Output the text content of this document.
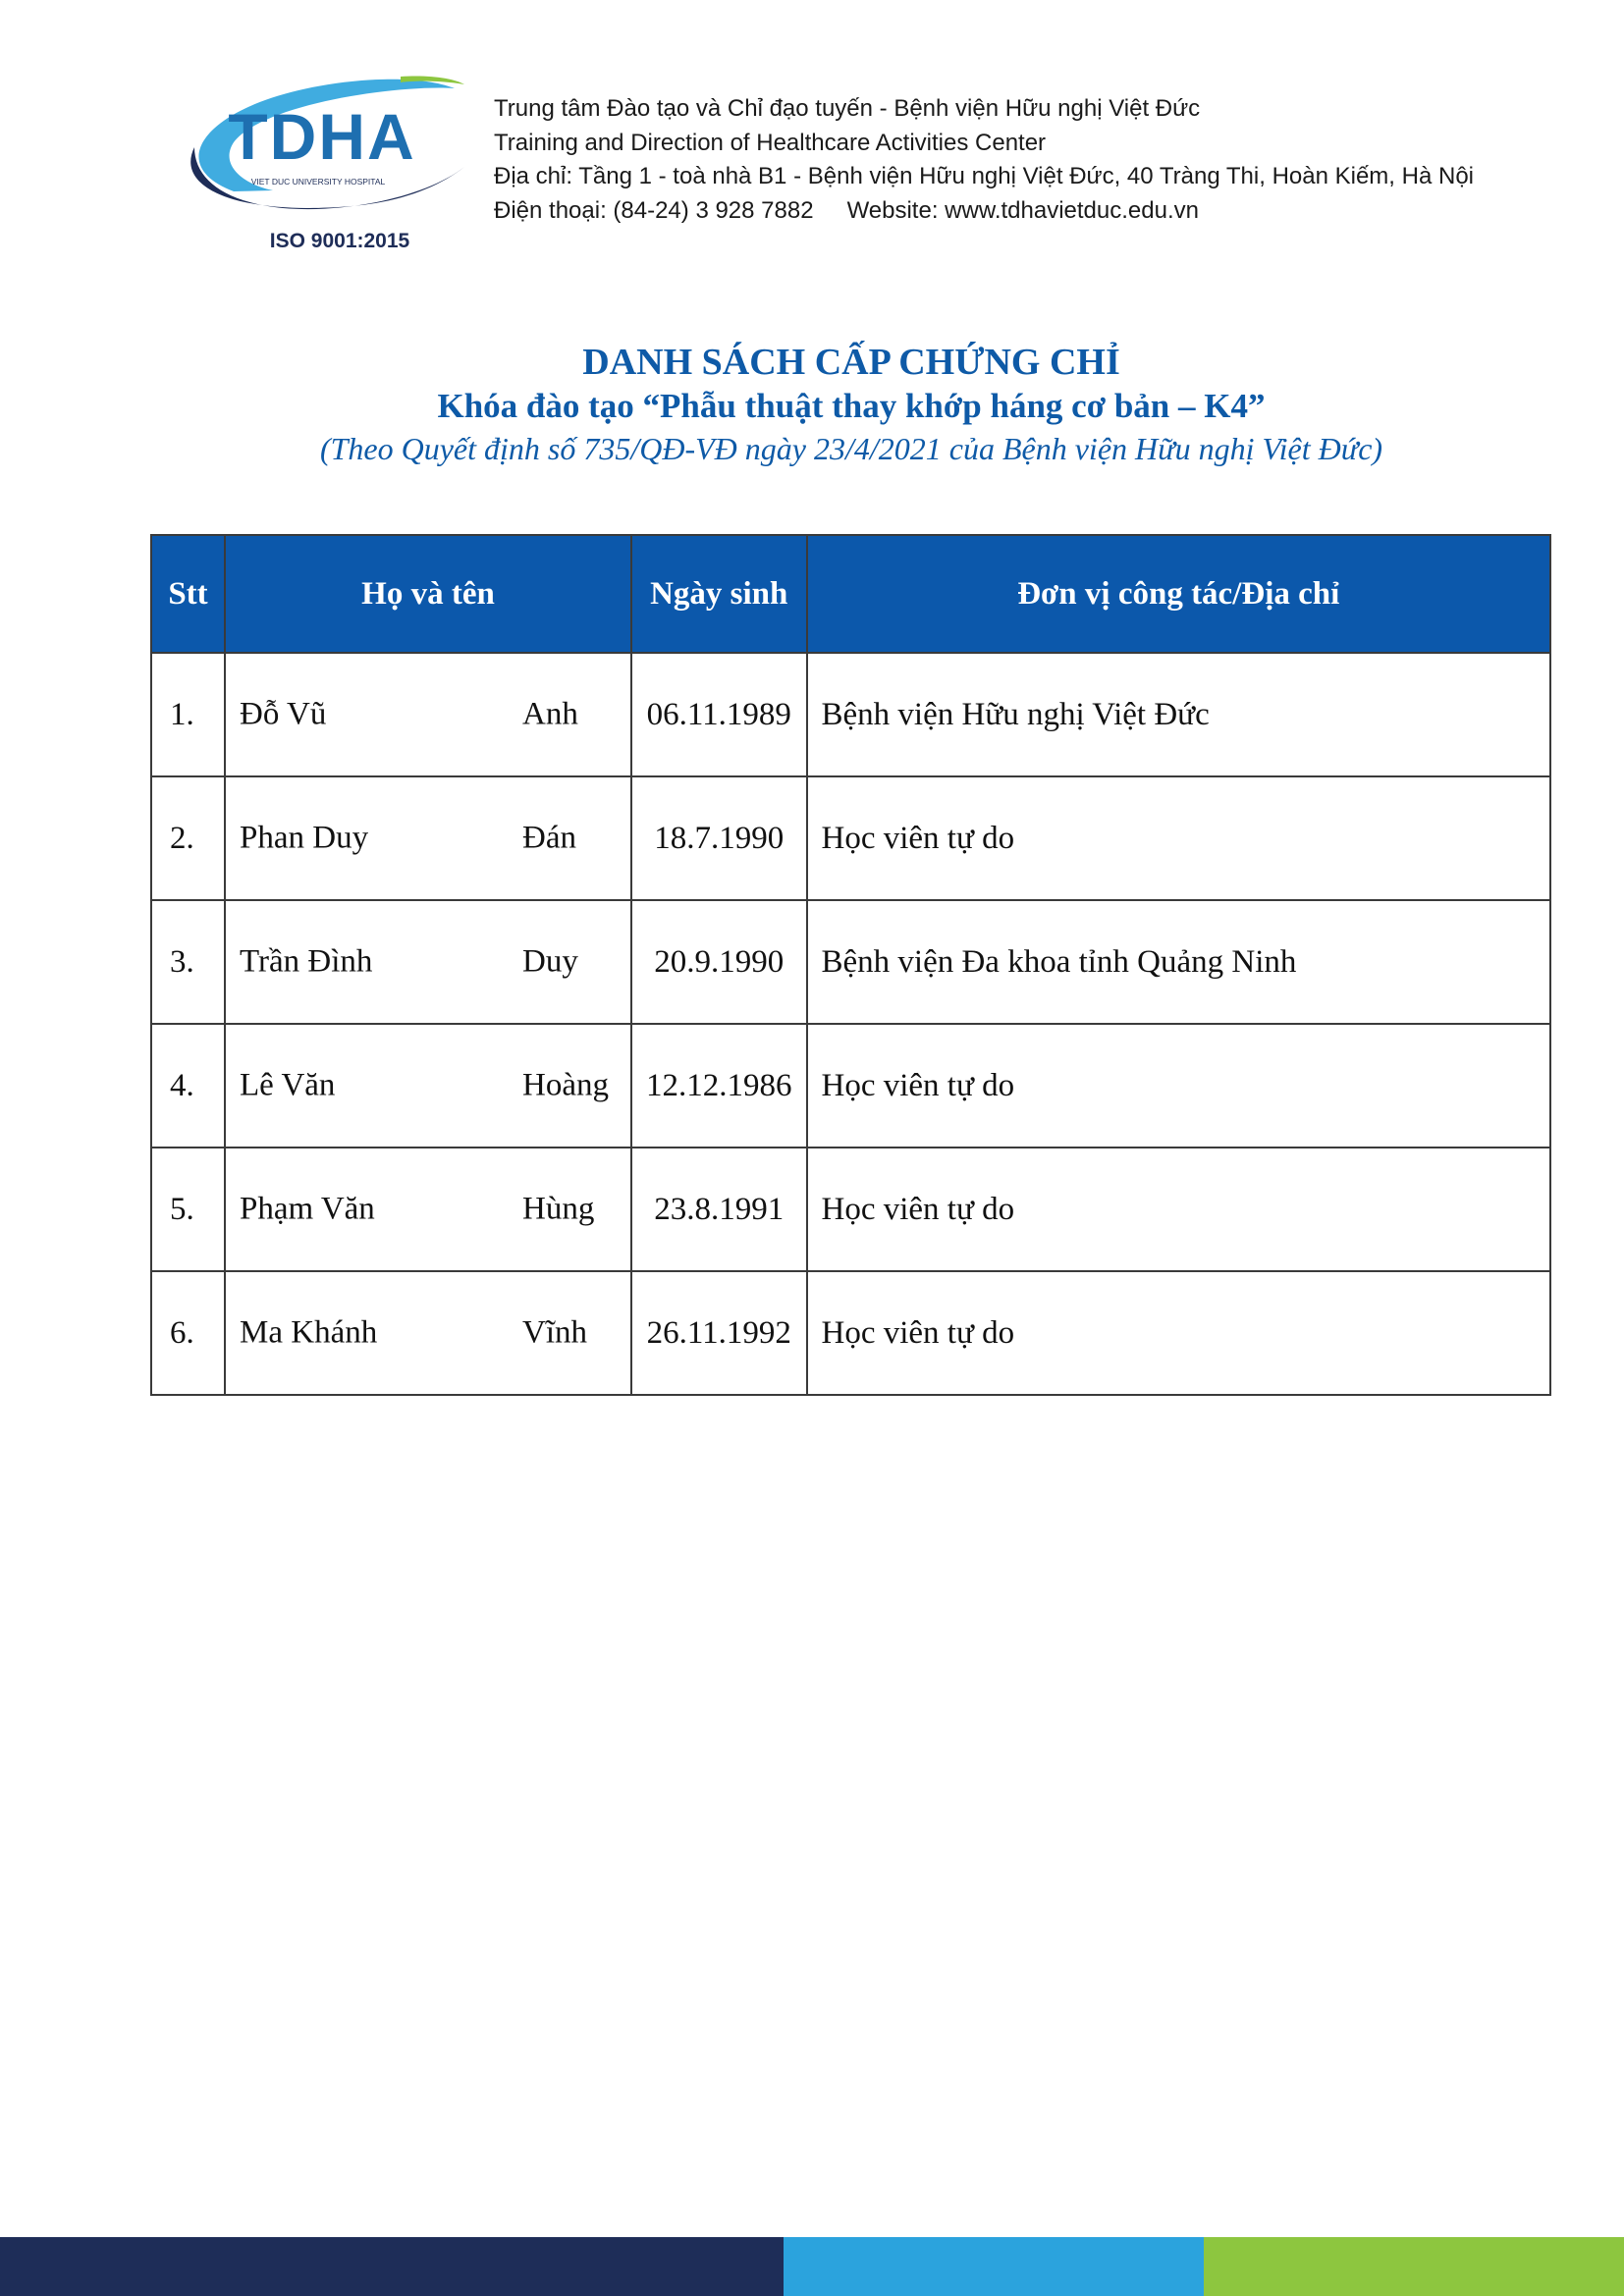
TDHA
VIET DUC UNIVERSITY HOSPITAL
ISO 9001:2015
Trung tâm Đào tạo và Chỉ đạo tuyến - Bệnh viện Hữu nghị Việt Đức
Training and Direction of Healthcare Activities Center
Địa chỉ: Tầng 1 - toà nhà B1 - Bệnh viện Hữu nghị Việt Đức, 40 Tràng Thi, Hoàn Kiếm, Hà Nội
Điện thoại: (84-24) 3 928 7882 Website: www.tdhavietduc.edu.vn
DANH SÁCH CẤP CHỨNG CHỈ
Khóa đào tạo “Phẫu thuật thay khớp háng cơ bản – K4”
(Theo Quyết định số 735/QĐ-VĐ ngày 23/4/2021 của Bệnh viện Hữu nghị Việt Đức)
Stt	Họ và tên	Ngày sinh	Đơn vị công tác/Địa chỉ
1.	Đỗ Vũ Anh	06.11.1989	Bệnh viện Hữu nghị Việt Đức
2.	Phan Duy Đán	18.7.1990	Học viên tự do
3.	Trần Đình Duy	20.9.1990	Bệnh viện Đa khoa tỉnh Quảng Ninh
4.	Lê Văn Hoàng	12.12.1986	Học viên tự do
5.	Phạm Văn Hùng	23.8.1991	Học viên tự do
6.	Ma Khánh Vĩnh	26.11.1992	Học viên tự do
